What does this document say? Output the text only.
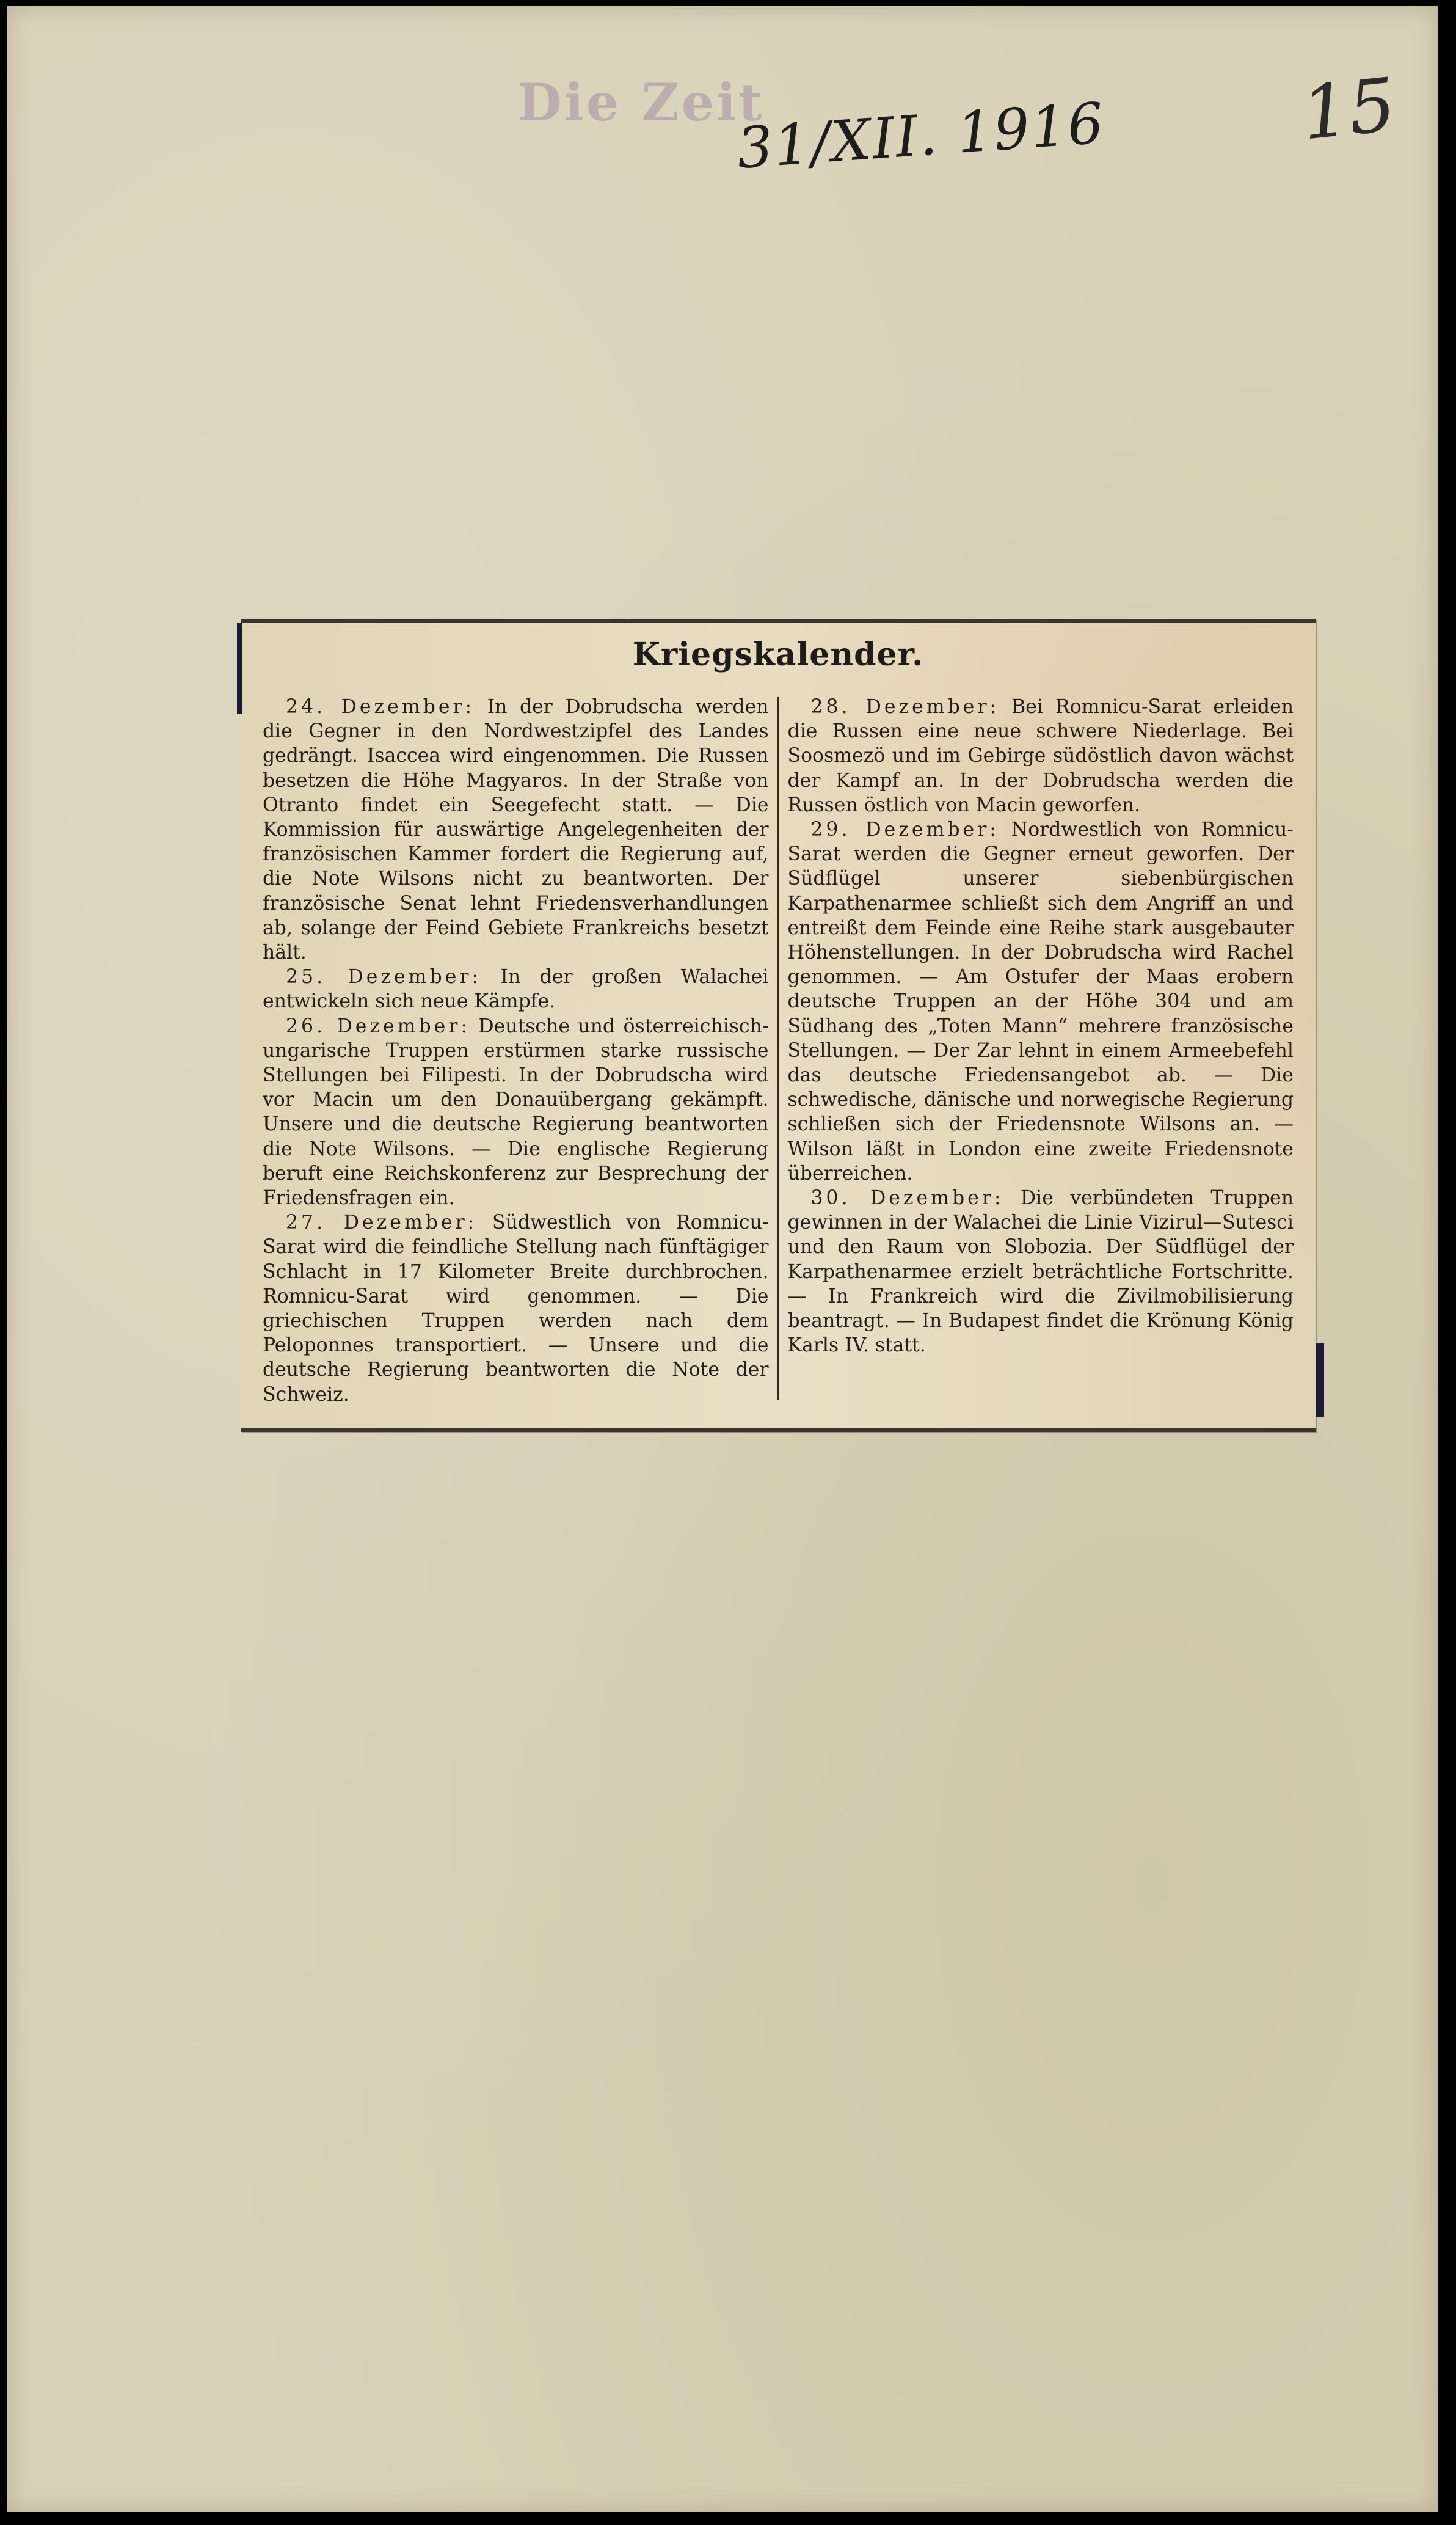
Die Zeit
31/XII. 1916	15
Kriegskalender.

24. Dezember: In der Dobrudscha werden die Gegner in den Nordwestzipfel des Landes gedrängt. Isaccea wird eingenommen. Die Russen besetzen die Höhe Magyaros. In der Straße von Otranto findet ein Seegefecht statt. — Die Kommission für auswärtige Angelegenheiten der französischen Kammer fordert die Regierung auf, die Note Wilsons nicht zu beantworten. Der französische Senat lehnt Friedensverhandlungen ab, solange der Feind Gebiete Frankreichs besetzt hält.

25. Dezember: In der großen Walachei entwickeln sich neue Kämpfe.

26. Dezember: Deutsche und österreichisch-ungarische Truppen erstürmen starke russische Stellungen bei Filipesti. In der Dobrudscha wird vor Macin um den Donauübergang gekämpft. Unsere und die deutsche Regierung beantworten die Note Wilsons. — Die englische Regierung beruft eine Reichskonferenz zur Besprechung der Friedensfragen ein.

27. Dezember: Südwestlich von Romnicu-Sarat wird die feindliche Stellung nach fünftägiger Schlacht in 17 Kilometer Breite durchbrochen. Romnicu-Sarat wird genommen. — Die griechischen Truppen werden nach dem Peloponnes transportiert. — Unsere und die deutsche Regierung beantworten die Note der Schweiz.

28. Dezember: Bei Romnicu-Sarat erleiden die Russen eine neue schwere Niederlage. Bei Soosmezö und im Gebirge südöstlich davon wächst der Kampf an. In der Dobrudscha werden die Russen östlich von Macin geworfen.

29. Dezember: Nordwestlich von Romnicu-Sarat werden die Gegner erneut geworfen. Der Südflügel unserer siebenbürgischen Karpathenarmee schließt sich dem Angriff an und entreißt dem Feinde eine Reihe stark ausgebauter Höhenstellungen. In der Dobrudscha wird Rachel genommen. — Am Ostufer der Maas erobern deutsche Truppen an der Höhe 304 und am Südhang des „Toten Mann“ mehrere französische Stellungen. — Der Zar lehnt in einem Armeebefehl das deutsche Friedensangebot ab. — Die schwedische, dänische und norwegische Regierung schließen sich der Friedensnote Wilsons an. — Wilson läßt in London eine zweite Friedensnote überreichen.

30. Dezember: Die verbündeten Truppen gewinnen in der Walachei die Linie Vizirul—Sutesci und den Raum von Slobozia. Der Südflügel der Karpathenarmee erzielt beträchtliche Fortschritte. — In Frankreich wird die Zivilmobilisierung beantragt. — In Budapest findet die Krönung König Karls IV. statt.
